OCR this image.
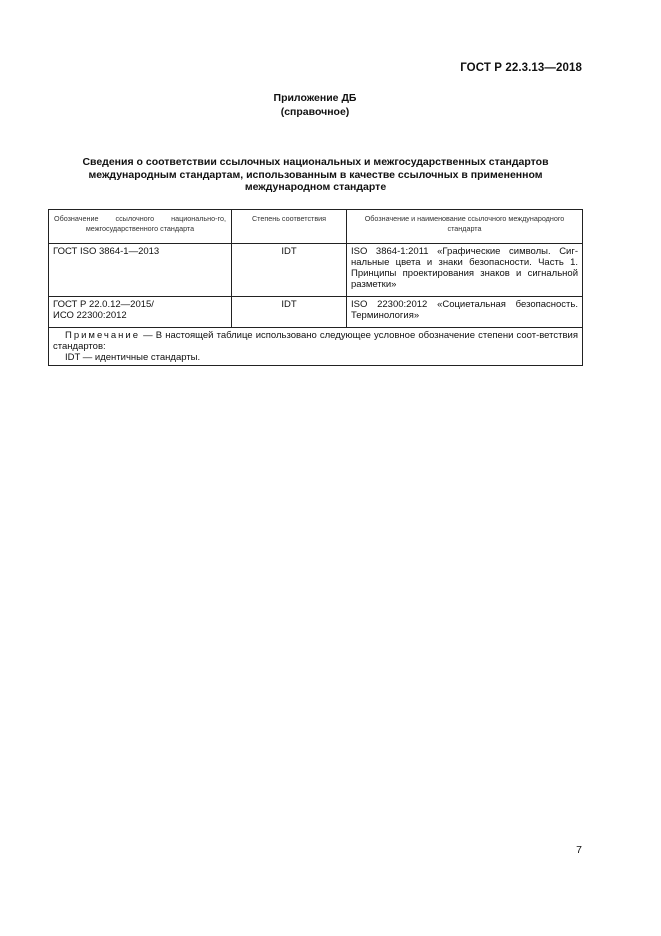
ГОСТ Р 22.3.13—2018
Приложение ДБ
(справочное)
Сведения о соответствии ссылочных национальных и межгосударственных стандартов
международным стандартам, использованным в качестве ссылочных в примененном
международном стандарте
Обозначение ссылочного национально-го, межгосударственного стандарта	Степень соответствия	Обозначение и наименование ссылочного международного стандарта

ГОСТ ISO 3864-1—2013	IDT	ISO 3864-1:2011 «Графические символы. Сиг-нальные цвета и знаки безопасности. Часть 1. Принципы проектирования знаков и сигнальной разметки»

ГОСТ Р 22.0.12—2015/
ИСО 22300:2012	IDT	ISO 22300:2012 «Социетальная безопасность. Терминология»
Примечание — В настоящей таблице использовано следующее условное обозначение степени соот-ветствия стандартов:
IDT — идентичные стандарты.		
7
